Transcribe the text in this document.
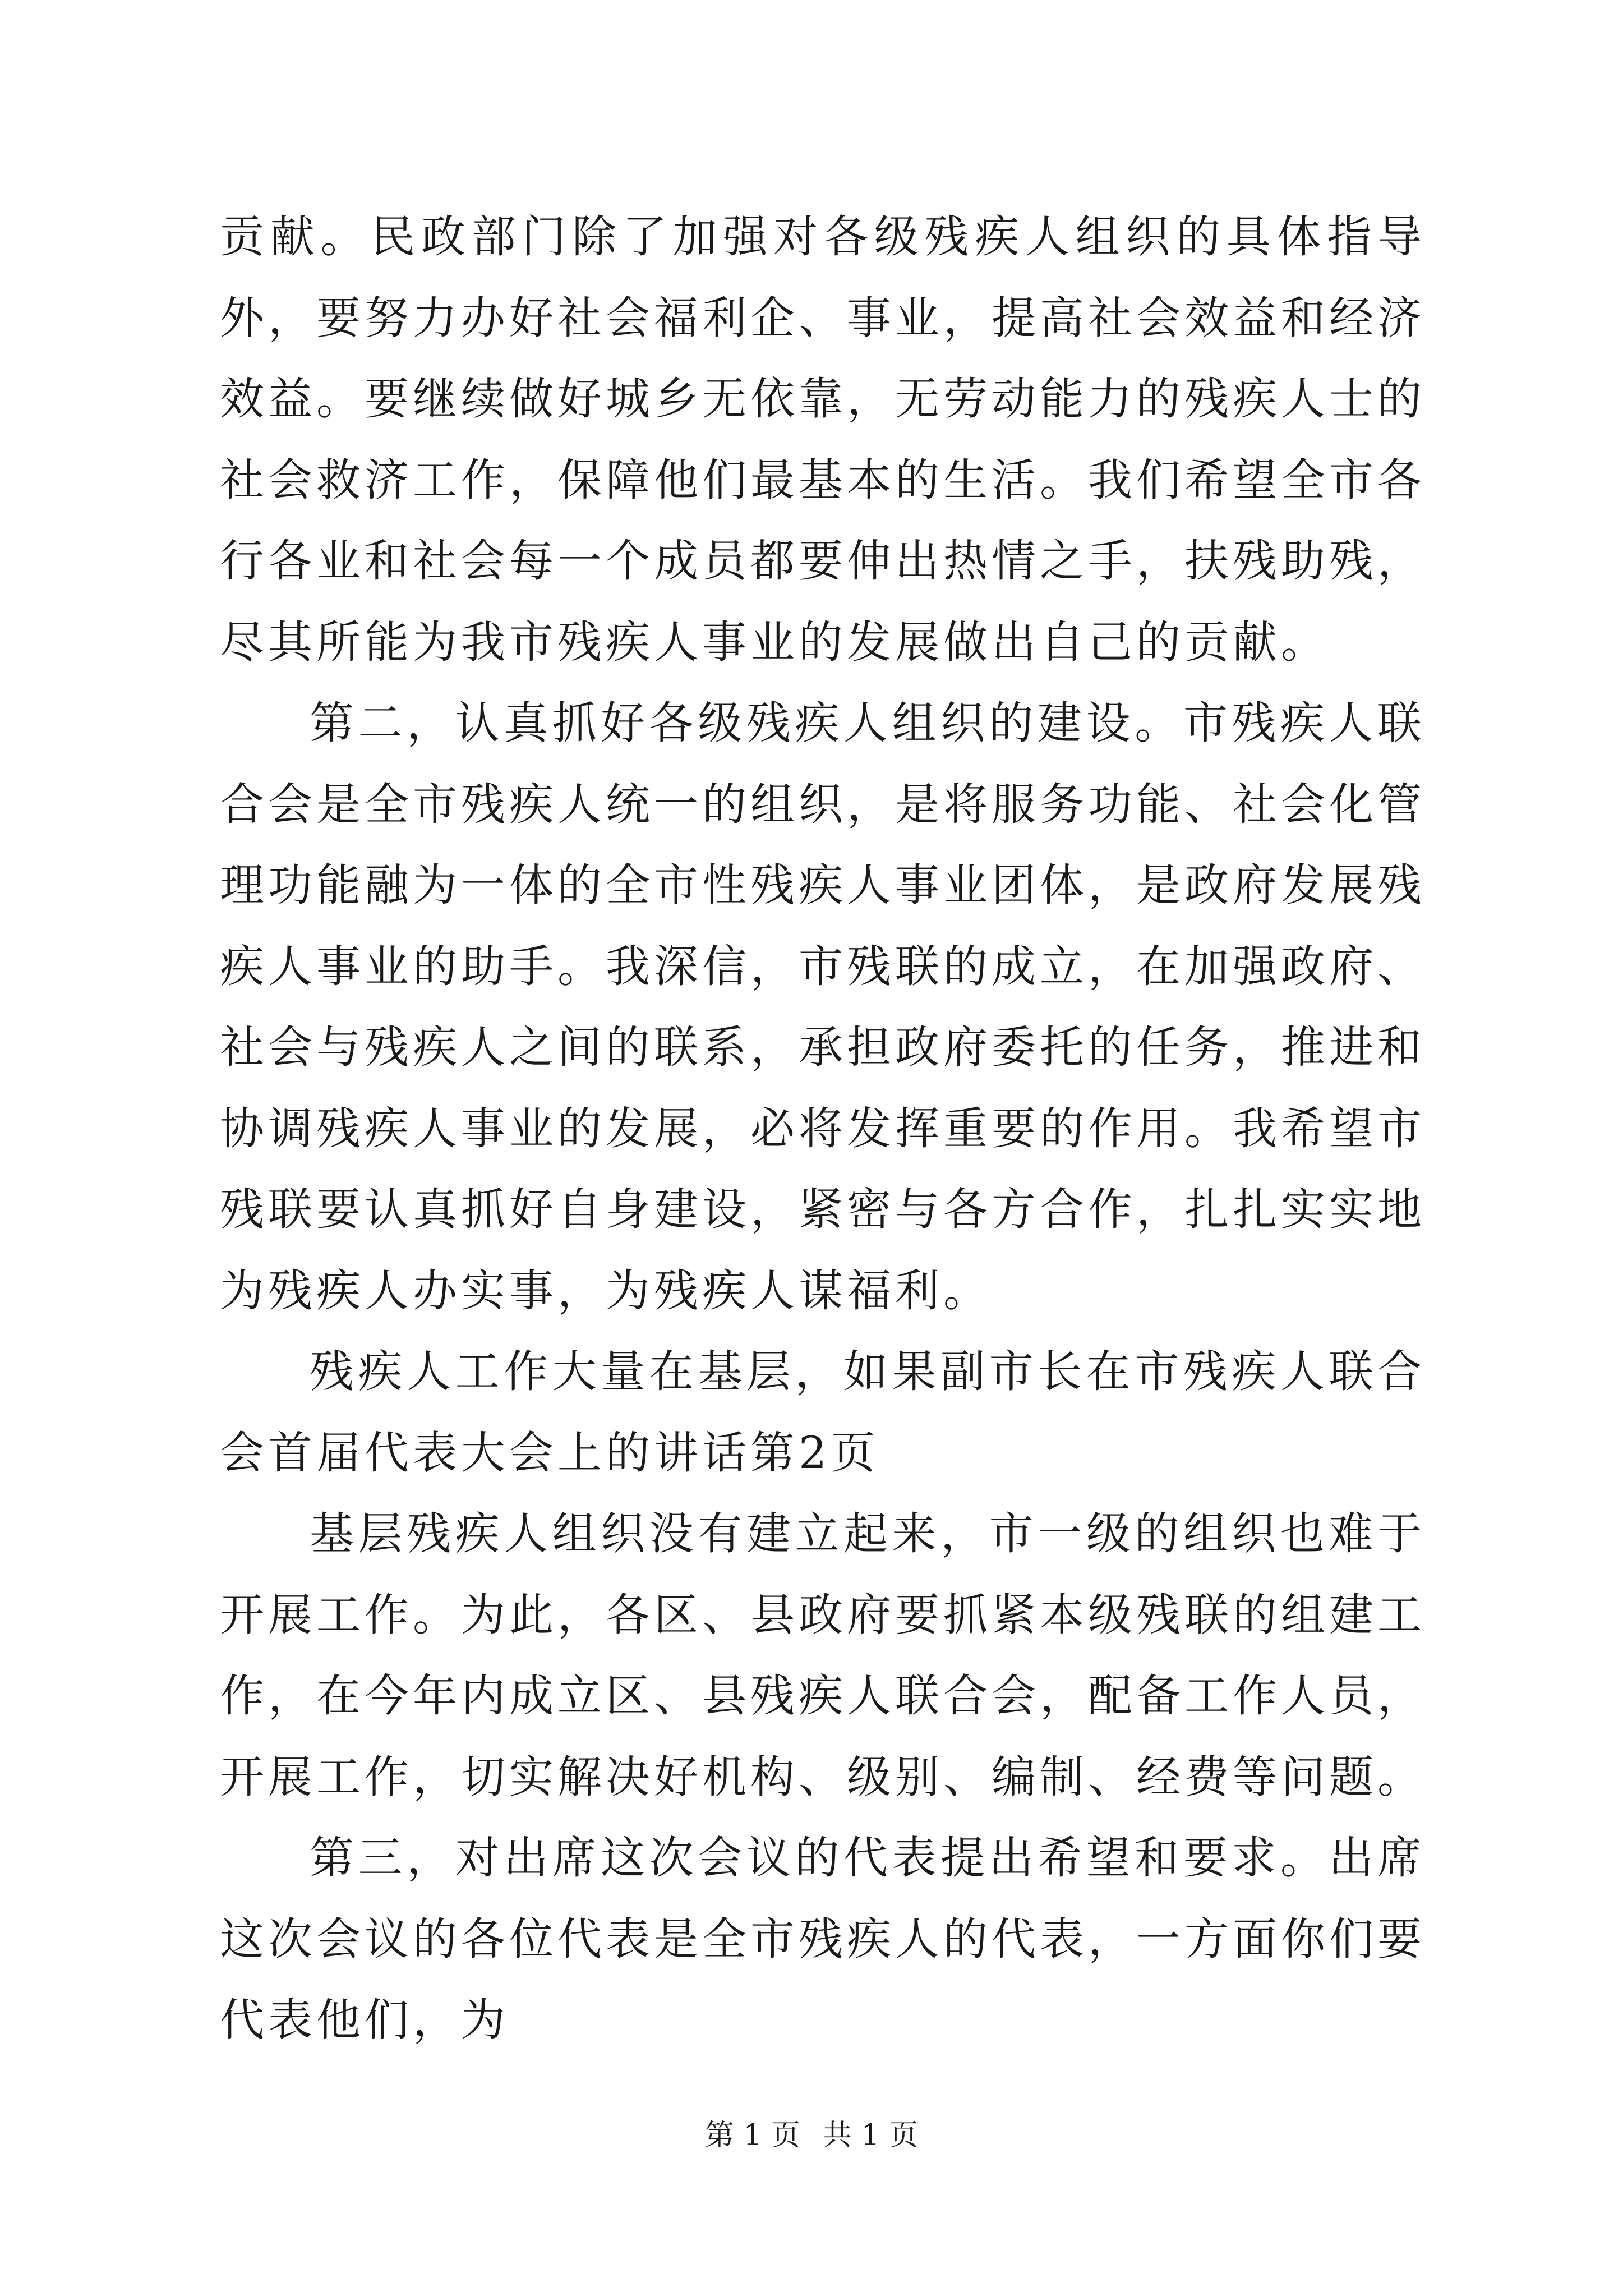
贡献。民政部门除了加强对各级残疾人组织的具体指导外，要努力办好社会福利企、事业，提高社会效益和经济效益。要继续做好城乡无依靠，无劳动能力的残疾人士的社会救济工作，保障他们最基本的生活。我们希望全市各行各业和社会每一个成员都要伸出热情之手，扶残助残，尽其所能为我市残疾人事业的发展做出自己的贡献。

第二，认真抓好各级残疾人组织的建设。市残疾人联合会是全市残疾人统一的组织，是将服务功能、社会化管理功能融为一体的全市性残疾人事业团体，是政府发展残疾人事业的助手。我深信，市残联的成立，在加强政府、社会与残疾人之间的联系，承担政府委托的任务，推进和协调残疾人事业的发展，必将发挥重要的作用。我希望市残联要认真抓好自身建设，紧密与各方合作，扎扎实实地为残疾人办实事，为残疾人谋福利。

残疾人工作大量在基层，如果副市长在市残疾人联合会首届代表大会上的讲话第2页

基层残疾人组织没有建立起来，市一级的组织也难于开展工作。为此，各区、县政府要抓紧本级残联的组建工作，在今年内成立区、县残疾人联合会，配备工作人员，开展工作，切实解决好机构、级别、编制、经费等问题。

第三，对出席这次会议的代表提出希望和要求。出席这次会议的各位代表是全市残疾人的代表，一方面你们要代表他们，为

第 1 页 共 1 页
